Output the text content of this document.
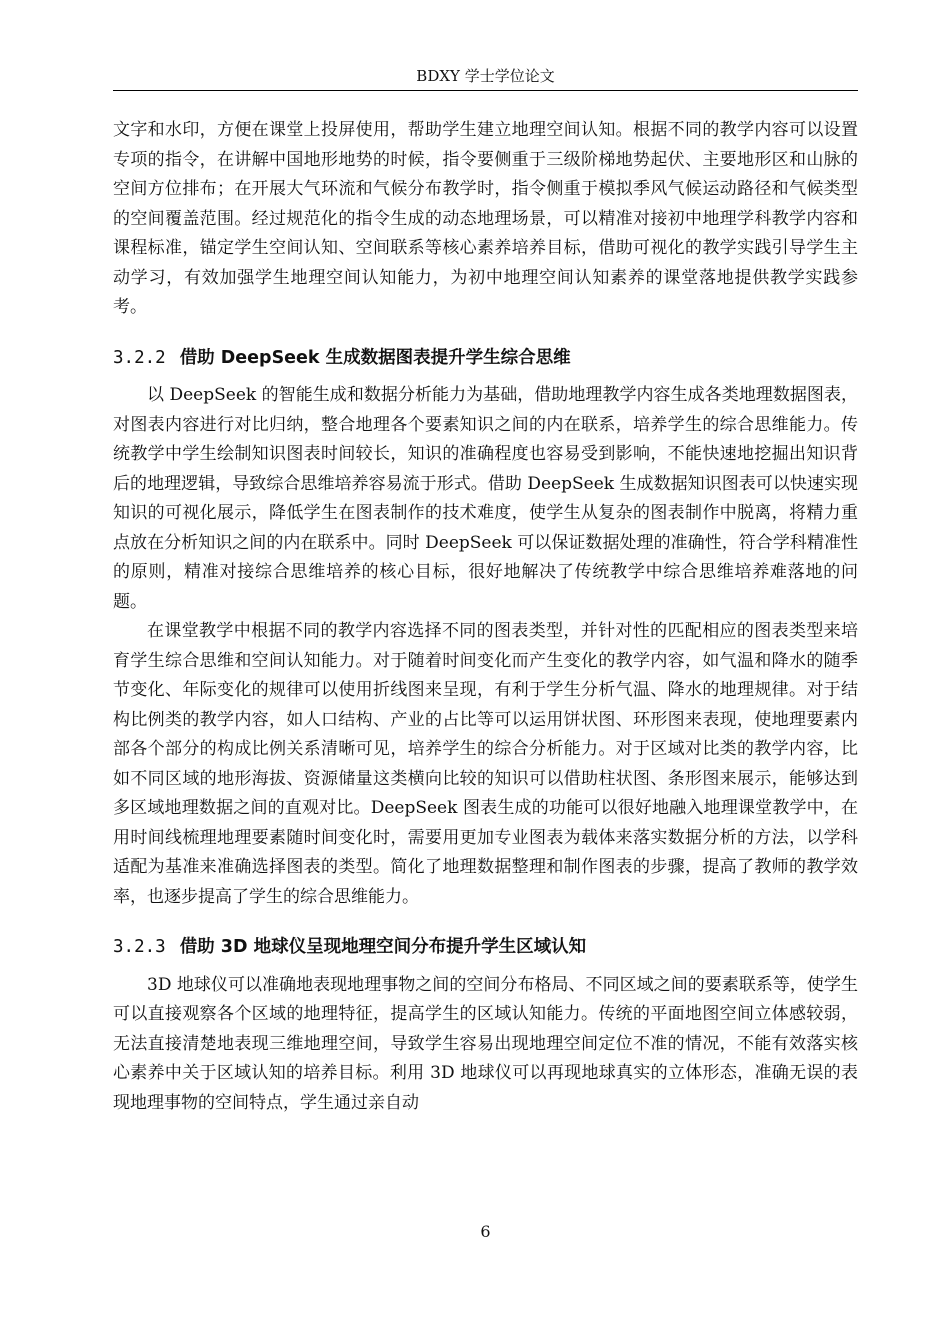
BDXY 学士学位论文

文字和水印，方便在课堂上投屏使用，帮助学生建立地理空间认知。根据不同的教学内容可以设置专项的指令，在讲解中国地形地势的时候，指令要侧重于三级阶梯地势起伏、主要地形区和山脉的空间方位排布；在开展大气环流和气候分布教学时，指令侧重于模拟季风气候运动路径和气候类型的空间覆盖范围。经过规范化的指令生成的动态地理场景，可以精准对接初中地理学科教学内容和课程标准，锚定学生空间认知、空间联系等核心素养培养目标，借助可视化的教学实践引导学生主动学习，有效加强学生地理空间认知能力，为初中地理空间认知素养的课堂落地提供教学实践参考。

3.2.2 借助 DeepSeek 生成数据图表提升学生综合思维

以 DeepSeek 的智能生成和数据分析能力为基础，借助地理教学内容生成各类地理数据图表，对图表内容进行对比归纳，整合地理各个要素知识之间的内在联系，培养学生的综合思维能力。传统教学中学生绘制知识图表时间较长，知识的准确程度也容易受到影响，不能快速地挖掘出知识背后的地理逻辑，导致综合思维培养容易流于形式。借助 DeepSeek 生成数据知识图表可以快速实现知识的可视化展示，降低学生在图表制作的技术难度，使学生从复杂的图表制作中脱离，将精力重点放在分析知识之间的内在联系中。同时 DeepSeek 可以保证数据处理的准确性，符合学科精准性的原则，精准对接综合思维培养的核心目标，很好地解决了传统教学中综合思维培养难落地的问题。

在课堂教学中根据不同的教学内容选择不同的图表类型，并针对性的匹配相应的图表类型来培育学生综合思维和空间认知能力。对于随着时间变化而产生变化的教学内容，如气温和降水的随季节变化、年际变化的规律可以使用折线图来呈现，有利于学生分析气温、降水的地理规律。对于结构比例类的教学内容，如人口结构、产业的占比等可以运用饼状图、环形图来表现，使地理要素内部各个部分的构成比例关系清晰可见，培养学生的综合分析能力。对于区域对比类的教学内容，比如不同区域的地形海拔、资源储量这类横向比较的知识可以借助柱状图、条形图来展示，能够达到多区域地理数据之间的直观对比。DeepSeek 图表生成的功能可以很好地融入地理课堂教学中，在用时间线梳理地理要素随时间变化时，需要用更加专业图表为载体来落实数据分析的方法，以学科适配为基准来准确选择图表的类型。简化了地理数据整理和制作图表的步骤，提高了教师的教学效率，也逐步提高了学生的综合思维能力。

3.2.3 借助 3D 地球仪呈现地理空间分布提升学生区域认知

3D 地球仪可以准确地表现地理事物之间的空间分布格局、不同区域之间的要素联系等，使学生可以直接观察各个区域的地理特征，提高学生的区域认知能力。传统的平面地图空间立体感较弱，无法直接清楚地表现三维地理空间，导致学生容易出现地理空间定位不准的情况，不能有效落实核心素养中关于区域认知的培养目标。利用 3D 地球仪可以再现地球真实的立体形态，准确无误的表现地理事物的空间特点，学生通过亲自动

6
